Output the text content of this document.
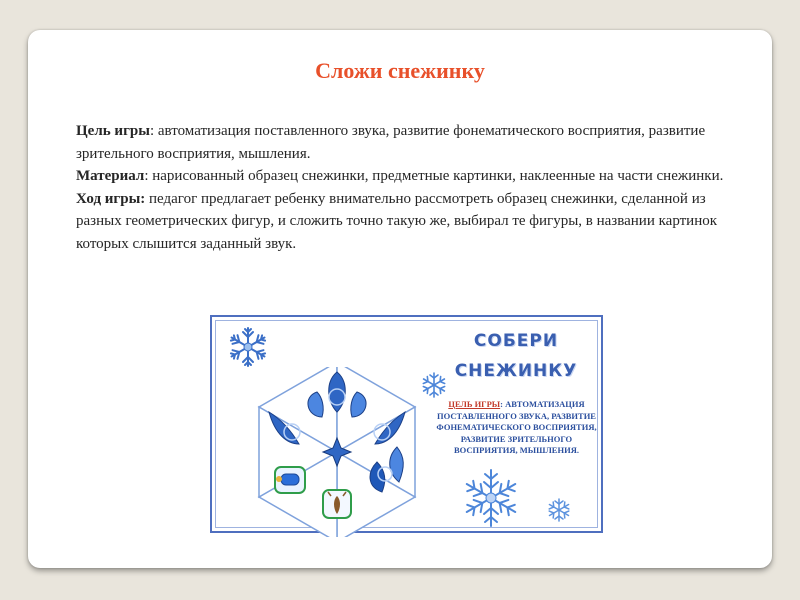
Сложи снежинку

Цель игры: автоматизация поставленного звука, развитие фонематического восприятия, развитие зрительного восприятия, мышления.

Материал: нарисованный образец снежинки, предметные картинки, наклеенные на части снежинки.

Ход игры: педагог предлагает ребенку внимательно рассмотреть образец снежинки, сделанной из разных геометрических фигур, и сложить точно такую же, выбирал те фигуры, в названии картинок которых слышится заданный звук.

СОБЕРИ
СНЕЖИНКУ
ЦЕЛЬ ИГРЫ: АВТОМАТИЗАЦИЯ ПОСТАВЛЕННОГО ЗВУКА, РАЗВИТИЕ ФОНЕМАТИЧЕСКОГО ВОСПРИЯТИЯ, РАЗВИТИЕ ЗРИТЕЛЬНОГО ВОСПРИЯТИЯ, МЫШЛЕНИЯ.
